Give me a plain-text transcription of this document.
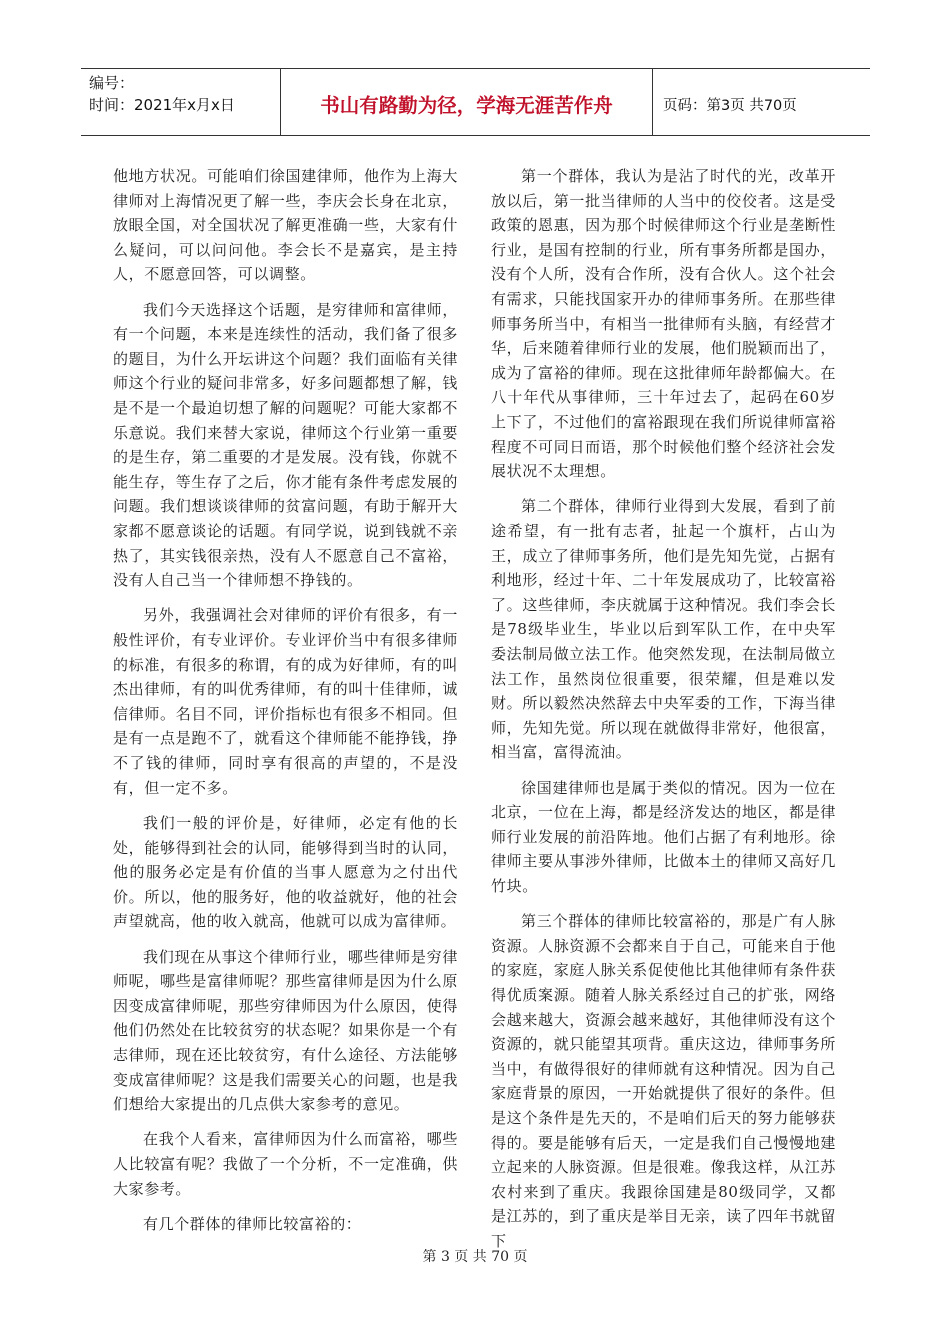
编号：
时间：2021年x月x日	书山有路勤为径，学海无涯苦作舟	页码：第3页 共70页

他地方状况。可能咱们徐国建律师，他作为上海大律师对上海情况更了解一些，李庆会长身在北京，放眼全国，对全国状况了解更准确一些，大家有什么疑问，可以问问他。李会长不是嘉宾，是主持人，不愿意回答，可以调整。

我们今天选择这个话题，是穷律师和富律师，有一个问题，本来是连续性的活动，我们备了很多的题目，为什么开坛讲这个问题？我们面临有关律师这个行业的疑问非常多，好多问题都想了解，钱是不是一个最迫切想了解的问题呢？可能大家都不乐意说。我们来替大家说，律师这个行业第一重要的是生存，第二重要的才是发展。没有钱，你就不能生存，等生存了之后，你才能有条件考虑发展的问题。我们想谈谈律师的贫富问题，有助于解开大家都不愿意谈论的话题。有同学说，说到钱就不亲热了，其实钱很亲热，没有人不愿意自己不富裕，没有人自己当一个律师想不挣钱的。

另外，我强调社会对律师的评价有很多，有一般性评价，有专业评价。专业评价当中有很多律师的标准，有很多的称谓，有的成为好律师，有的叫杰出律师，有的叫优秀律师，有的叫十佳律师，诚信律师。名目不同，评价指标也有很多不相同。但是有一点是跑不了，就看这个律师能不能挣钱，挣不了钱的律师，同时享有很高的声望的，不是没有，但一定不多。

我们一般的评价是，好律师，必定有他的长处，能够得到社会的认同，能够得到当时的认同，他的服务必定是有价值的当事人愿意为之付出代价。所以，他的服务好，他的收益就好，他的社会声望就高，他的收入就高，他就可以成为富律师。

我们现在从事这个律师行业，哪些律师是穷律师呢，哪些是富律师呢？那些富律师是因为什么原因变成富律师呢，那些穷律师因为什么原因，使得他们仍然处在比较贫穷的状态呢？如果你是一个有志律师，现在还比较贫穷，有什么途径、方法能够变成富律师呢？这是我们需要关心的问题，也是我们想给大家提出的几点供大家参考的意见。

在我个人看来，富律师因为什么而富裕，哪些人比较富有呢？我做了一个分析，不一定准确，供大家参考。

有几个群体的律师比较富裕的：

第一个群体，我认为是沾了时代的光，改革开放以后，第一批当律师的人当中的佼佼者。这是受政策的恩惠，因为那个时候律师这个行业是垄断性行业，是国有控制的行业，所有事务所都是国办，没有个人所，没有合作所，没有合伙人。这个社会有需求，只能找国家开办的律师事务所。在那些律师事务所当中，有相当一批律师有头脑，有经营才华，后来随着律师行业的发展，他们脱颖而出了，成为了富裕的律师。现在这批律师年龄都偏大。在八十年代从事律师，三十年过去了，起码在60岁上下了，不过他们的富裕跟现在我们所说律师富裕程度不可同日而语，那个时候他们整个经济社会发展状况不太理想。

第二个群体，律师行业得到大发展，看到了前途希望，有一批有志者，扯起一个旗杆，占山为王，成立了律师事务所，他们是先知先觉，占据有利地形，经过十年、二十年发展成功了，比较富裕了。这些律师，李庆就属于这种情况。我们李会长是78级毕业生，毕业以后到军队工作，在中央军委法制局做立法工作。他突然发现，在法制局做立法工作，虽然岗位很重要，很荣耀，但是难以发财。所以毅然决然辞去中央军委的工作，下海当律师，先知先觉。所以现在就做得非常好，他很富，相当富，富得流油。

徐国建律师也是属于类似的情况。因为一位在北京，一位在上海，都是经济发达的地区，都是律师行业发展的前沿阵地。他们占据了有利地形。徐律师主要从事涉外律师，比做本土的律师又高好几竹块。

第三个群体的律师比较富裕的，那是广有人脉资源。人脉资源不会都来自于自己，可能来自于他的家庭，家庭人脉关系促使他比其他律师有条件获得优质案源。随着人脉关系经过自己的扩张，网络会越来越大，资源会越来越好，其他律师没有这个资源的，就只能望其项背。重庆这边，律师事务所当中，有做得很好的律师就有这种情况。因为自己家庭背景的原因，一开始就提供了很好的条件。但是这个条件是先天的，不是咱们后天的努力能够获得的。要是能够有后天，一定是我们自己慢慢地建立起来的人脉资源。但是很难。像我这样，从江苏农村来到了重庆。我跟徐国建是80级同学，又都是江苏的，到了重庆是举目无亲，读了四年书就留下

第 3 页 共 70 页
